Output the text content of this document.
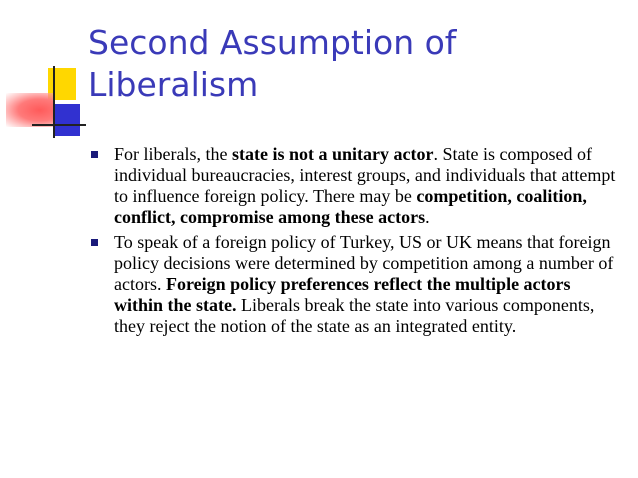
Second Assumption of Liberalism
For liberals, the state is not a unitary actor. State is composed of individual bureaucracies, interest groups, and individuals that attempt to influence foreign policy. There may be competition, coalition, conflict, compromise among these actors.
To speak of a foreign policy of Turkey, US or UK means that foreign policy decisions were determined by competition among a number of actors. Foreign policy preferences reflect the multiple actors within the state. Liberals break the state into various components, they reject the notion of the state as an integrated entity.
